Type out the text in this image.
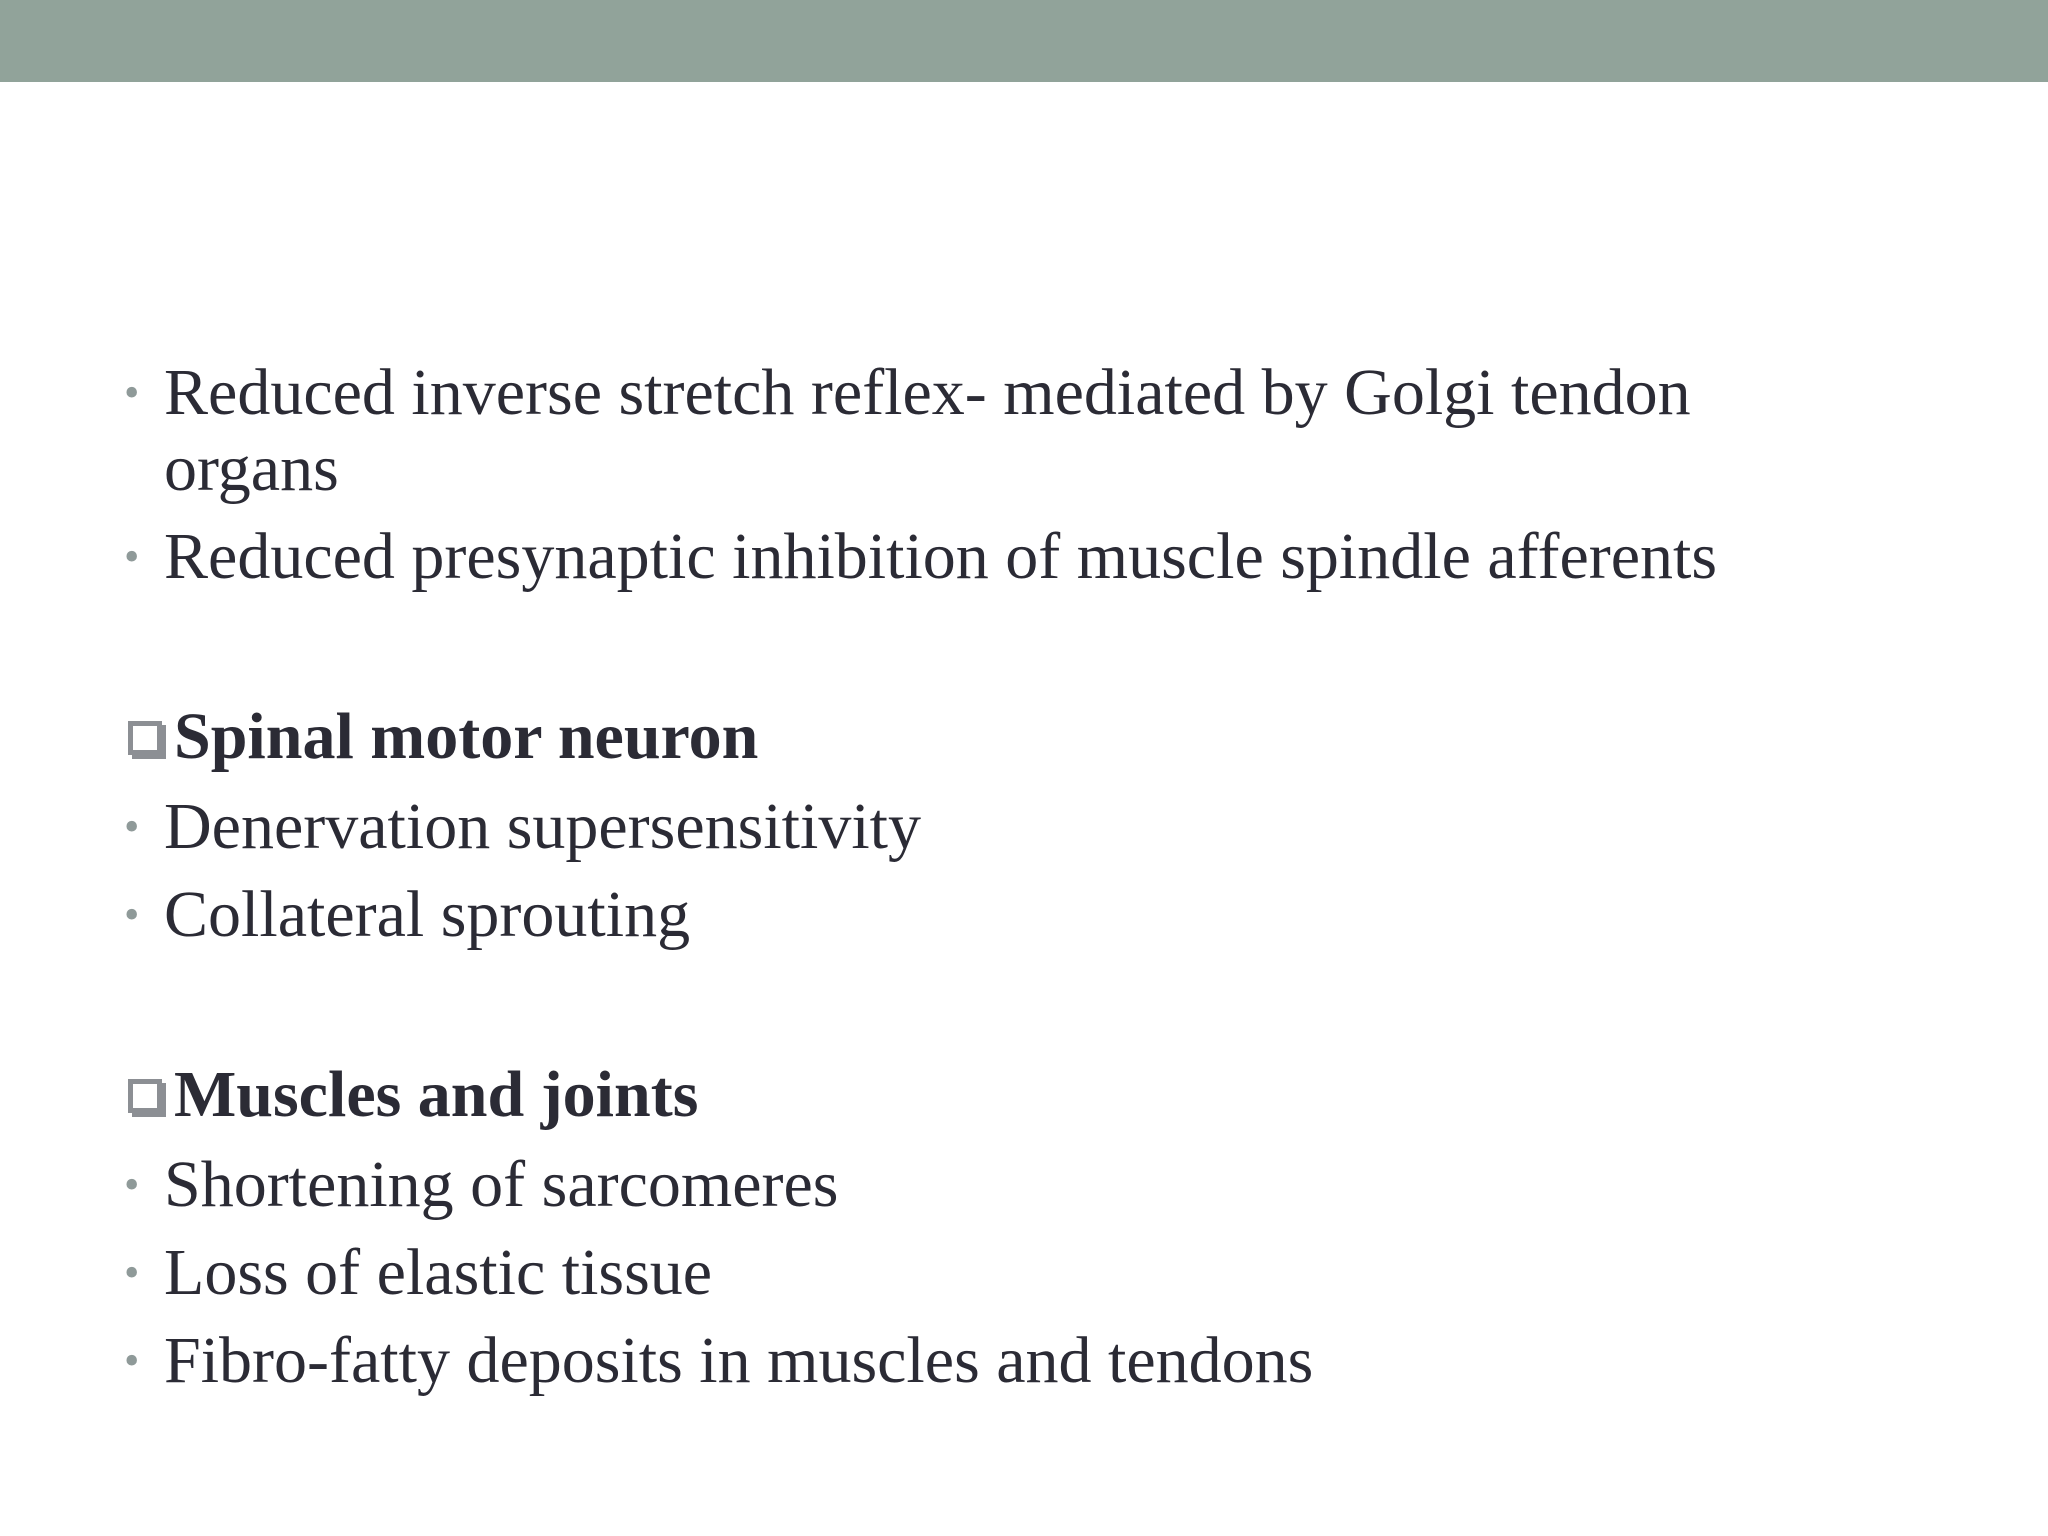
• Reduced inverse stretch reflex- mediated by Golgi tendon organs
• Reduced presynaptic inhibition of muscle spindle afferents
Spinal motor neuron
• Denervation supersensitivity
• Collateral sprouting
Muscles and joints
• Shortening of sarcomeres
• Loss of elastic tissue
• Fibro-fatty deposits in muscles and tendons
